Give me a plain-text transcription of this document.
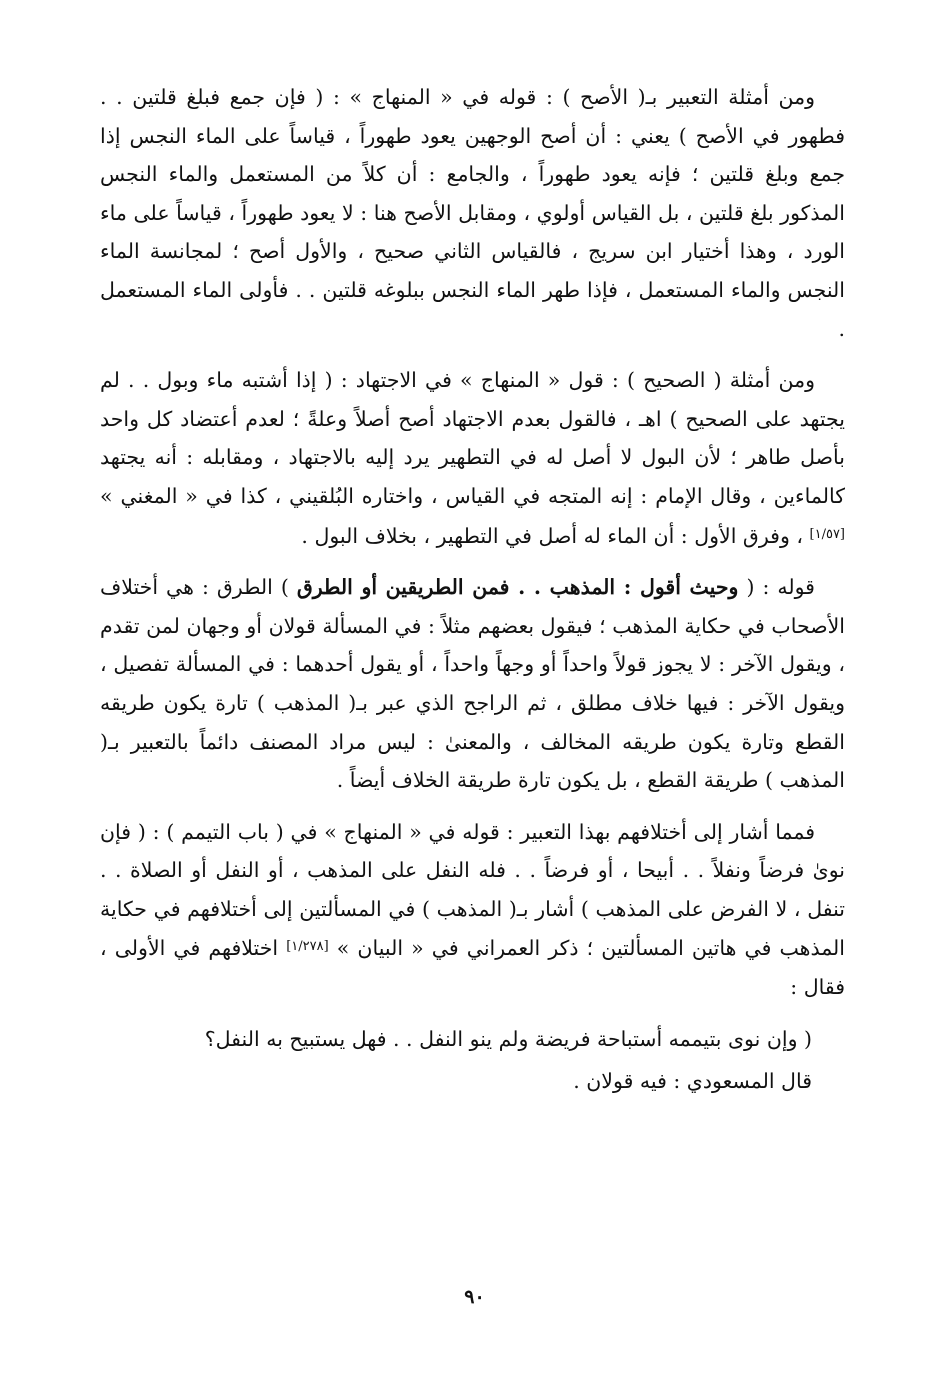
ومن أمثلة التعبير بـ( الأصح ) : قوله في « المنهاج » : ( فإن جمع فبلغ قلتين . . فطهور في الأصح ) يعني : أن أصح الوجهين يعود طهوراً ، قياساً على الماء النجس إذا جمع وبلغ قلتين ؛ فإنه يعود طهوراً ، والجامع : أن كلاً من المستعمل والماء النجس المذكور بلغ قلتين ، بل القياس أولوي ، ومقابل الأصح هنا : لا يعود طهوراً ، قياساً على ماء الورد ، وهذا أختيار ابن سريج ، فالقياس الثاني صحيح ، والأول أصح ؛ لمجانسة الماء النجس والماء المستعمل ، فإذا طهر الماء النجس ببلوغه قلتين . . فأولى الماء المستعمل .

ومن أمثلة ( الصحيح ) : قول « المنهاج » في الاجتهاد : ( إذا أشتبه ماء وبول . . لم يجتهد على الصحيح ) اهـ ، فالقول بعدم الاجتهاد أصح أصلاً وعلةً ؛ لعدم أعتضاد كل واحد بأصل طاهر ؛ لأن البول لا أصل له في التطهير يرد إليه بالاجتهاد ، ومقابله : أنه يجتهد كالماءين ، وقال الإمام : إنه المتجه في القياس ، واختاره البُلقيني ، كذا في « المغني » [١/٥٧] ، وفرق الأول : أن الماء له أصل في التطهير ، بخلاف البول .

قوله : ( وحيث أقول : المذهب . . فمن الطريقين أو الطرق ) الطرق : هي أختلاف الأصحاب في حكاية المذهب ؛ فيقول بعضهم مثلاً : في المسألة قولان أو وجهان لمن تقدم ، ويقول الآخر : لا يجوز قولاً واحداً أو وجهاً واحداً ، أو يقول أحدهما : في المسألة تفصيل ، ويقول الآخر : فيها خلاف مطلق ، ثم الراجح الذي عبر بـ( المذهب ) تارة يكون طريقه القطع وتارة يكون طريقه المخالف ، والمعنىٰ : ليس مراد المصنف دائماً بالتعبير بـ( المذهب ) طريقة القطع ، بل يكون تارة طريقة الخلاف أيضاً .

فمما أشار إلى أختلافهم بهذا التعبير : قوله في « المنهاج » في ( باب التيمم ) : ( فإن نوىٰ فرضاً ونفلاً . . أبيحا ، أو فرضاً . . فله النفل على المذهب ، أو النفل أو الصلاة . . تنفل ، لا الفرض على المذهب ) أشار بـ( المذهب ) في المسألتين إلى أختلافهم في حكاية المذهب في هاتين المسألتين ؛ ذكر العمراني في « البيان » [١/٢٧٨] اختلافهم في الأولى ، فقال :

( وإن نوى بتيممه أستباحة فريضة ولم ينو النفل . . فهل يستبيح به النفل؟

قال المسعودي : فيه قولان .

٩٠
